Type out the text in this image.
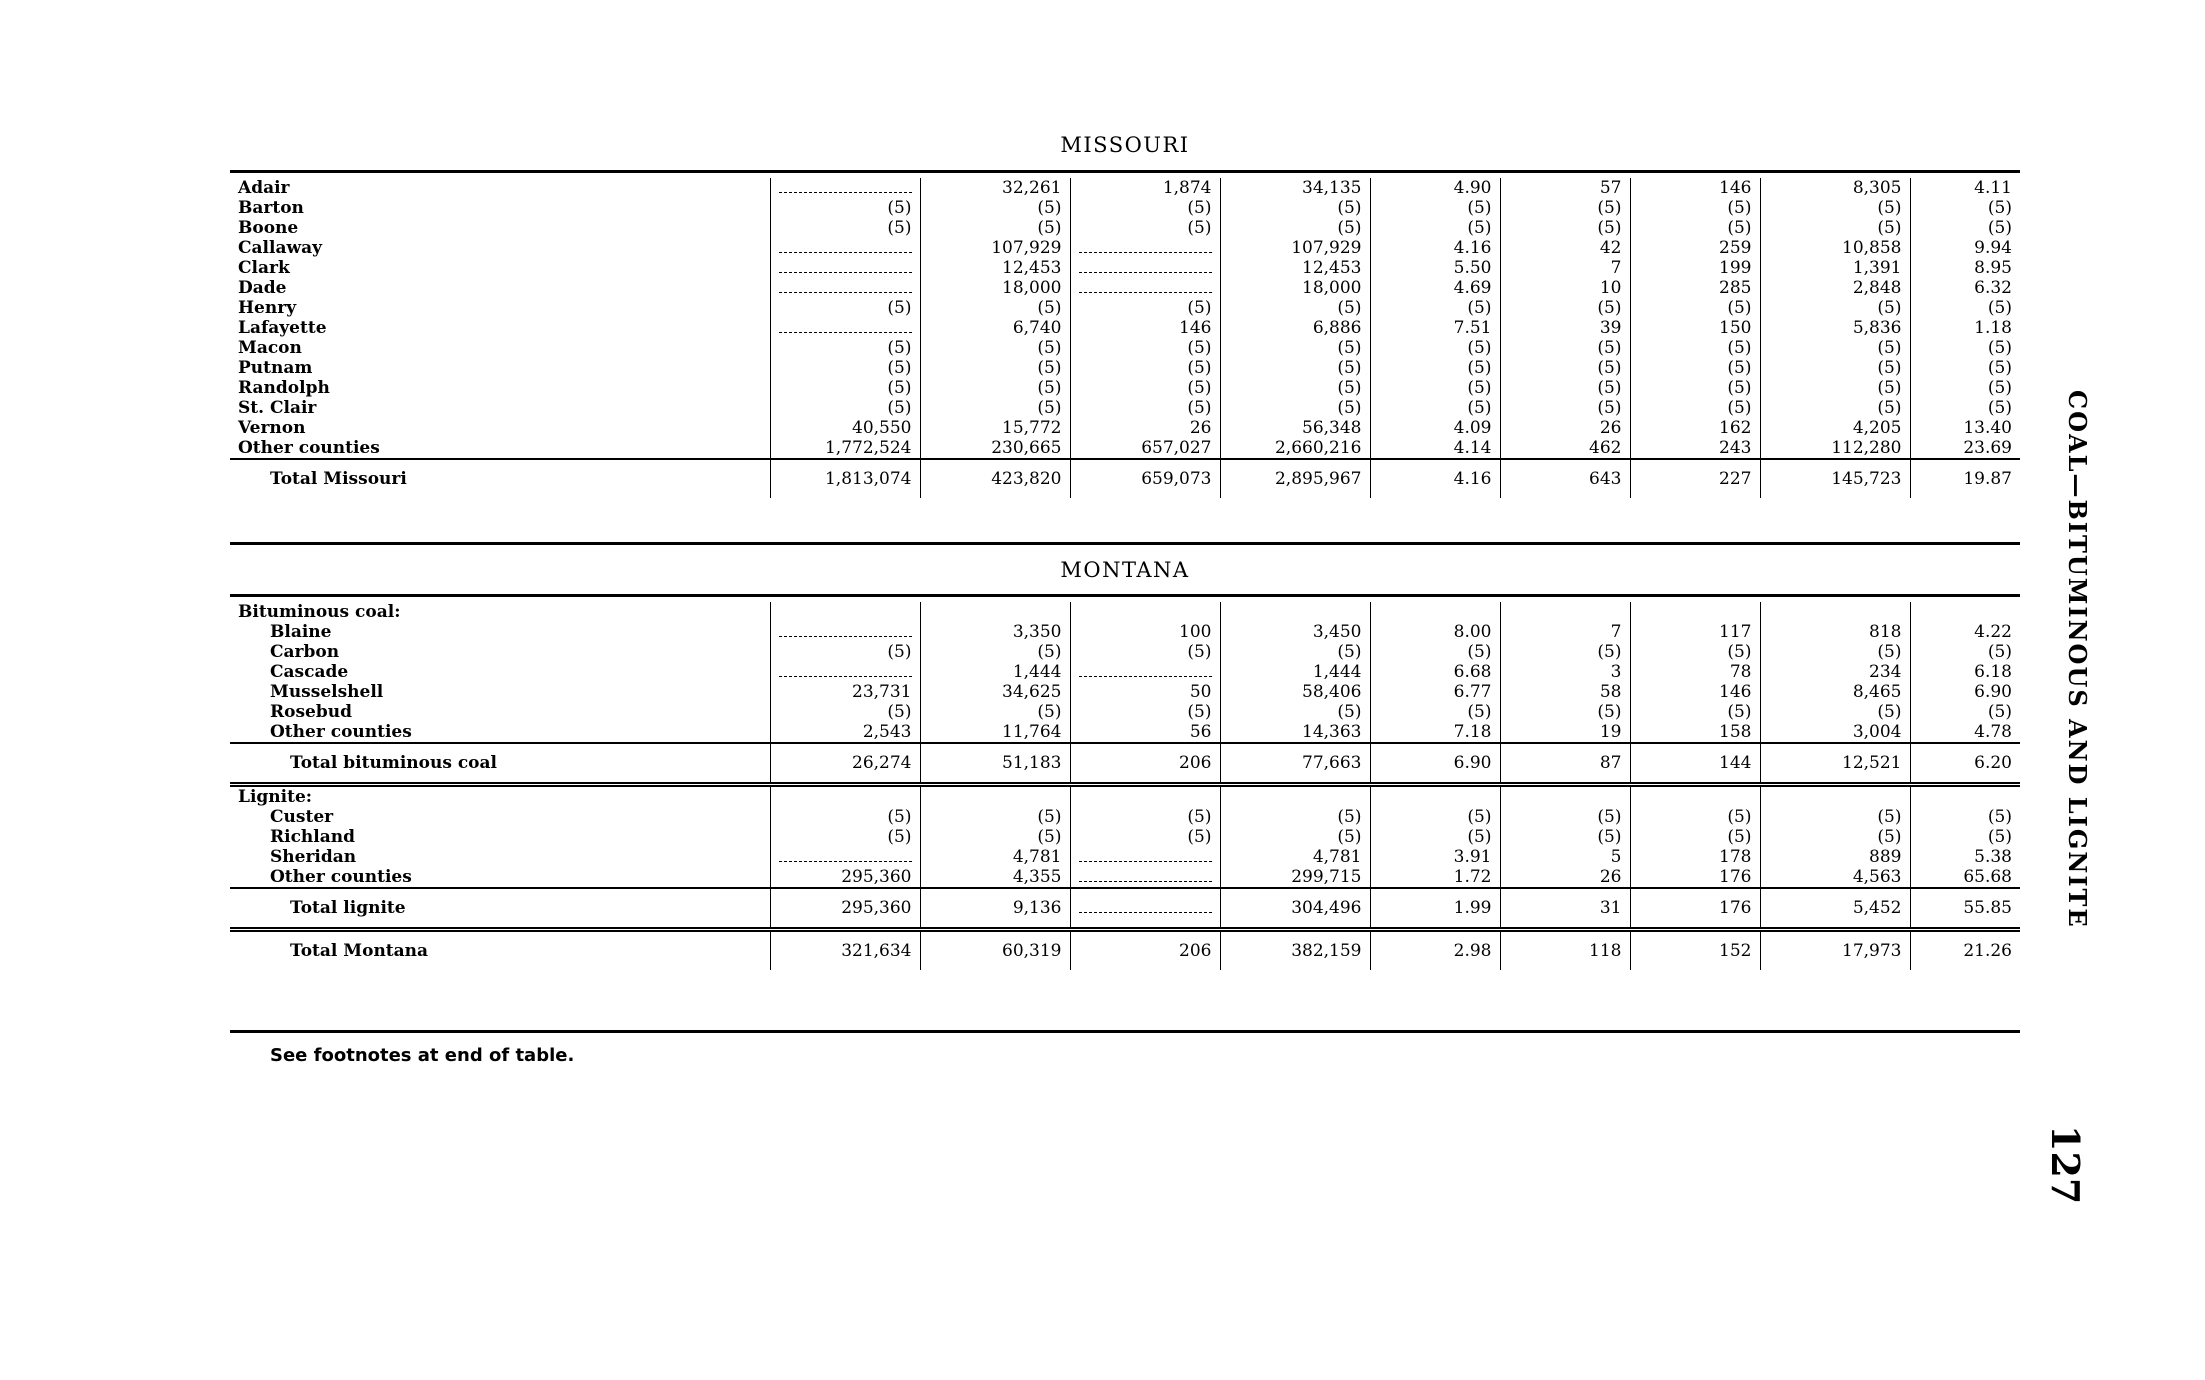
MISSOURI
Adair		32,261	1,874	34,135	4.90	57	146	8,305	4.11
Barton	(5)	(5)	(5)	(5)	(5)	(5)	(5)	(5)	(5)
Boone	(5)	(5)	(5)	(5)	(5)	(5)	(5)	(5)	(5)
Callaway		107,929		107,929	4.16	42	259	10,858	9.94
Clark		12,453		12,453	5.50	7	199	1,391	8.95
Dade		18,000		18,000	4.69	10	285	2,848	6.32
Henry	(5)	(5)	(5)	(5)	(5)	(5)	(5)	(5)	(5)
Lafayette		6,740	146	6,886	7.51	39	150	5,836	1.18
Macon	(5)	(5)	(5)	(5)	(5)	(5)	(5)	(5)	(5)
Putnam	(5)	(5)	(5)	(5)	(5)	(5)	(5)	(5)	(5)
Randolph	(5)	(5)	(5)	(5)	(5)	(5)	(5)	(5)	(5)
St. Clair	(5)	(5)	(5)	(5)	(5)	(5)	(5)	(5)	(5)
Vernon	40,550	15,772	26	56,348	4.09	26	162	4,205	13.40
Other counties	1,772,524	230,665	657,027	2,660,216	4.14	462	243	112,280	23.69
Total Missouri	1,813,074	423,820	659,073	2,895,967	4.16	643	227	145,723	19.87
MONTANA
Bituminous coal:									
Blaine		3,350	100	3,450	8.00	7	117	818	4.22
Carbon	(5)	(5)	(5)	(5)	(5)	(5)	(5)	(5)	(5)
Cascade		1,444		1,444	6.68	3	78	234	6.18
Musselshell	23,731	34,625	50	58,406	6.77	58	146	8,465	6.90
Rosebud	(5)	(5)	(5)	(5)	(5)	(5)	(5)	(5)	(5)
Other counties	2,543	11,764	56	14,363	7.18	19	158	3,004	4.78
Total bituminous coal	26,274	51,183	206	77,663	6.90	87	144	12,521	6.20
Lignite:									
Custer	(5)	(5)	(5)	(5)	(5)	(5)	(5)	(5)	(5)
Richland	(5)	(5)	(5)	(5)	(5)	(5)	(5)	(5)	(5)
Sheridan		4,781		4,781	3.91	5	178	889	5.38
Other counties	295,360	4,355		299,715	1.72	26	176	4,563	65.68
Total lignite	295,360	9,136		304,496	1.99	31	176	5,452	55.85
Total Montana	321,634	60,319	206	382,159	2.98	118	152	17,973	21.26
See footnotes at end of table.
COAL—BITUMINOUS AND LIGNITE
127
